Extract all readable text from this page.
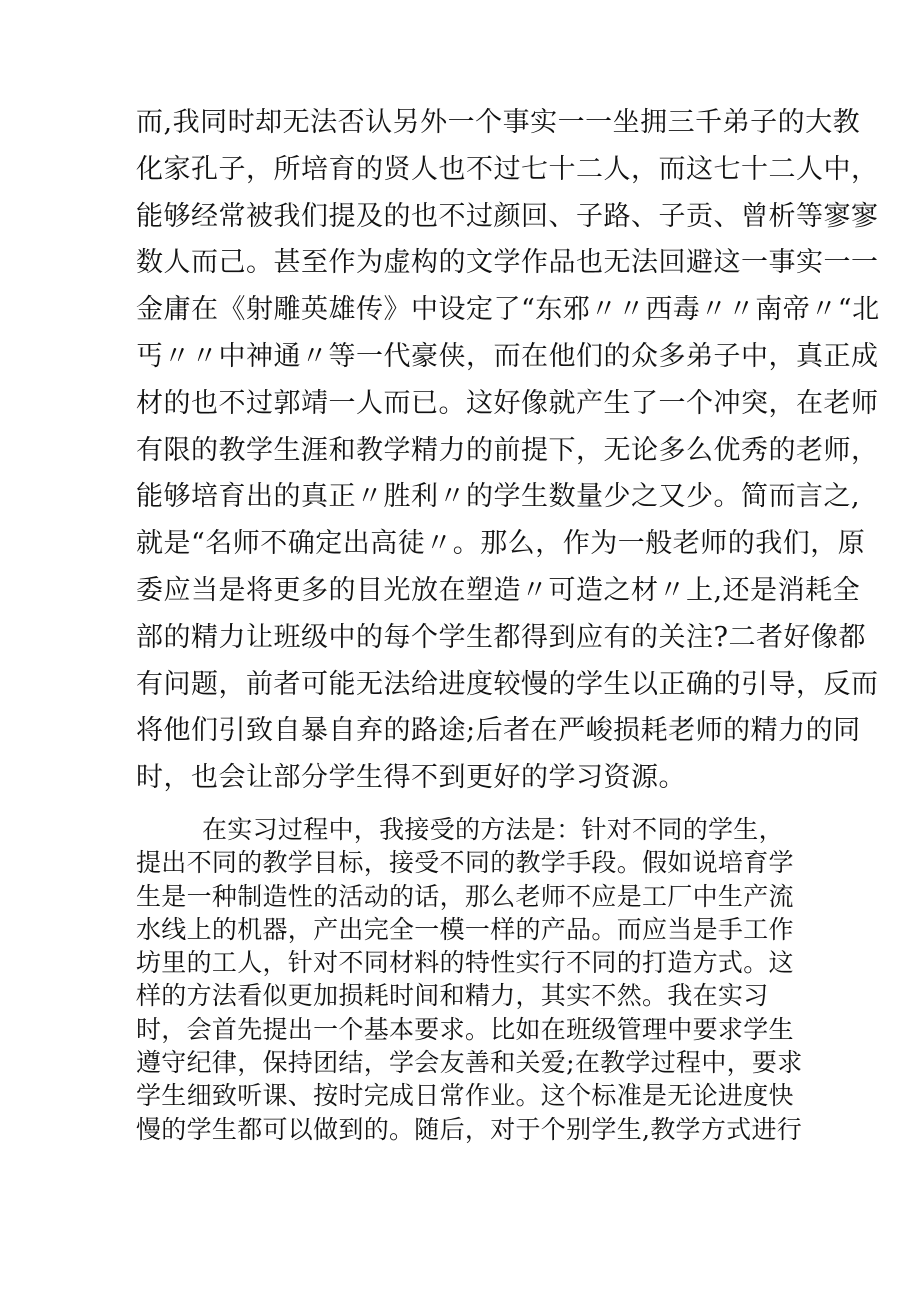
而,我同时却无法否认另外一个事实一一坐拥三千弟子的大教
化家孔子，所培育的贤人也不过七十二人，而这七十二人中，
能够经常被我们提及的也不过颜回、子路、子贡、曾析等寥寥
数人而己。甚至作为虚构的文学作品也无法回避这一事实一一
金庸在《射雕英雄传》中设定了“东邪〃〃西毒〃〃南帝〃“北
丐〃〃中神通〃等一代豪侠，而在他们的众多弟子中，真正成
材的也不过郭靖一人而已。这好像就产生了一个冲突，在老师
有限的教学生涯和教学精力的前提下，无论多么优秀的老师，
能够培育出的真正〃胜利〃的学生数量少之又少。简而言之,
就是“名师不确定出高徒〃。那么，作为一般老师的我们，原
委应当是将更多的目光放在塑造〃可造之材〃上,还是消耗全
部的精力让班级中的每个学生都得到应有的关注?二者好像都
有问题，前者可能无法给进度较慢的学生以正确的引导，反而
将他们引致自暴自弃的路途;后者在严峻损耗老师的精力的同
时，也会让部分学生得不到更好的学习资源。
在实习过程中，我接受的方法是：针对不同的学生，
提出不同的教学目标，接受不同的教学手段。假如说培育学
生是一种制造性的活动的话，那么老师不应是工厂中生产流
水线上的机器，产出完全一模一样的产品。而应当是手工作
坊里的工人，针对不同材料的特性实行不同的打造方式。这
样的方法看似更加损耗时间和精力，其实不然。我在实习
时，会首先提出一个基本要求。比如在班级管理中要求学生
遵守纪律，保持团结，学会友善和关爱;在教学过程中，要求
学生细致听课、按时完成日常作业。这个标准是无论进度快
慢的学生都可以做到的。随后，对于个别学生,教学方式进行
